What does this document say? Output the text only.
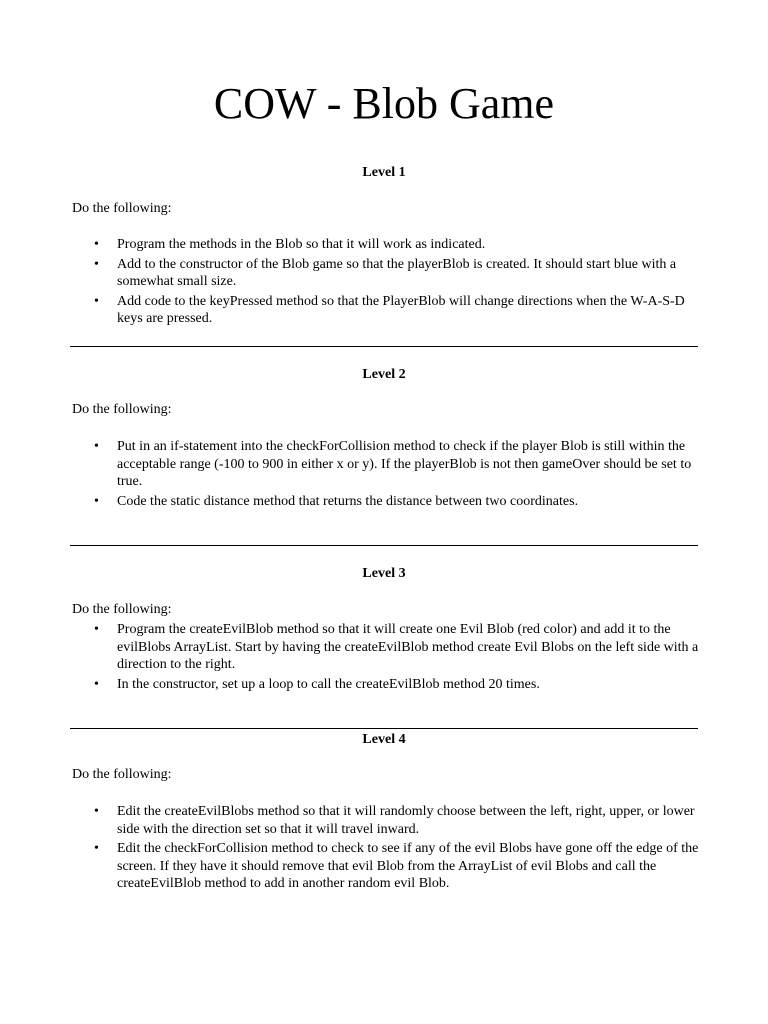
COW - Blob Game
Level 1

Do the following:

• Program the methods in the Blob so that it will work as indicated.
• Add to the constructor of the Blob game so that the playerBlob is created. It should start blue with a somewhat small size.
• Add code to the keyPressed method so that the PlayerBlob will change directions when the W-A-S-D keys are pressed.
Level 2

Do the following:

• Put in an if-statement into the checkForCollision method to check if the player Blob is still within the acceptable range (-100 to 900 in either x or y). If the playerBlob is not then gameOver should be set to true.
• Code the static distance method that returns the distance between two coordinates.
Level 3

Do the following:

• Program the createEvilBlob method so that it will create one Evil Blob (red color) and add it to the evilBlobs ArrayList. Start by having the createEvilBlob method create Evil Blobs on the left side with a direction to the right.
• In the constructor, set up a loop to call the createEvilBlob method 20 times.
Level 4

Do the following:

• Edit the createEvilBlobs method so that it will randomly choose between the left, right, upper, or lower side with the direction set so that it will travel inward.
• Edit the checkForCollision method to check to see if any of the evil Blobs have gone off the edge of the screen. If they have it should remove that evil Blob from the ArrayList of evil Blobs and call the createEvilBlob method to add in another random evil Blob.
